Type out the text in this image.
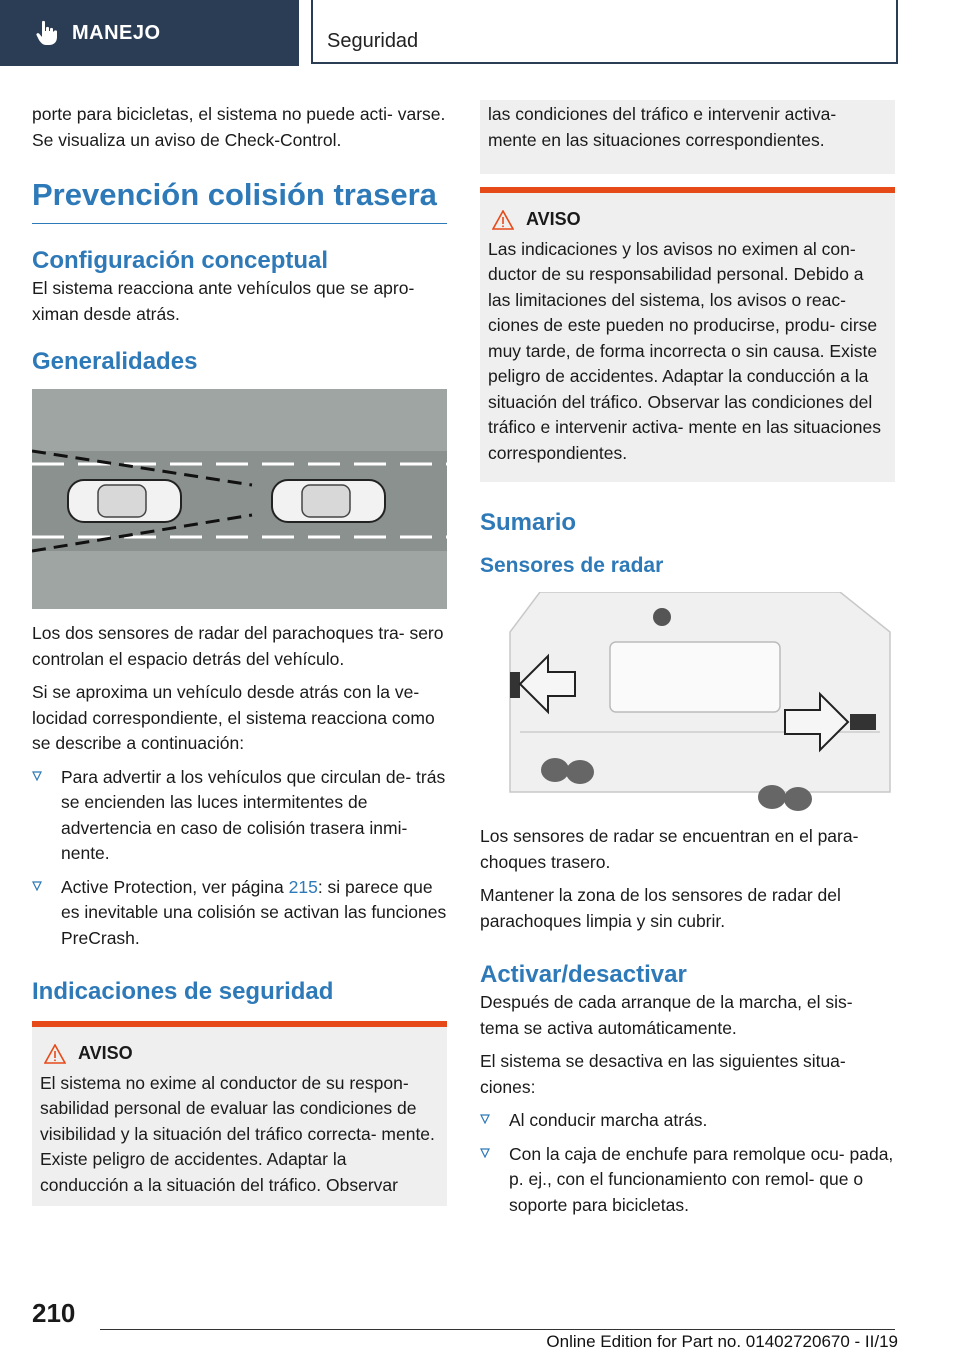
MANEJO	Seguridad

porte para bicicletas, el sistema no puede acti- varse. Se visualiza un aviso de Check-Control.

Prevención colisión trasera
Configuración conceptual

El sistema reacciona ante vehículos que se apro- ximan desde atrás.

Generalidades

Los dos sensores de radar del parachoques tra- sero controlan el espacio detrás del vehículo.

Si se aproxima un vehículo desde atrás con la ve- locidad correspondiente, el sistema reacciona como se describe a continuación:

Para advertir a los vehículos que circulan de- trás se encienden las luces intermitentes de advertencia en caso de colisión trasera inmi- nente.
Active Protection, ver página 215: si parece que es inevitable una colisión se activan las funciones PreCrash.
Indicaciones de seguridad
AVISO
El sistema no exime al conductor de su respon- sabilidad personal de evaluar las condiciones de visibilidad y la situación del tráfico correcta- mente. Existe peligro de accidentes. Adaptar la conducción a la situación del tráfico. Observar
las condiciones del tráfico e intervenir activa- mente en las situaciones correspondientes.
AVISO
Las indicaciones y los avisos no eximen al con- ductor de su responsabilidad personal. Debido a las limitaciones del sistema, los avisos o reac- ciones de este pueden no producirse, produ- cirse muy tarde, de forma incorrecta o sin causa. Existe peligro de accidentes. Adaptar la conducción a la situación del tráfico. Observar las condiciones del tráfico e intervenir activa- mente en las situaciones correspondientes.
Sumario
Sensores de radar

Los sensores de radar se encuentran en el para- choques trasero.

Mantener la zona de los sensores de radar del parachoques limpia y sin cubrir.

Activar/desactivar

Después de cada arranque de la marcha, el sis- tema se activa automáticamente.

El sistema se desactiva en las siguientes situa- ciones:

Al conducir marcha atrás.
Con la caja de enchufe para remolque ocu- pada, p. ej., con el funcionamiento con remol- que o soporte para bicicletas.
210
Online Edition for Part no. 01402720670 - II/19
